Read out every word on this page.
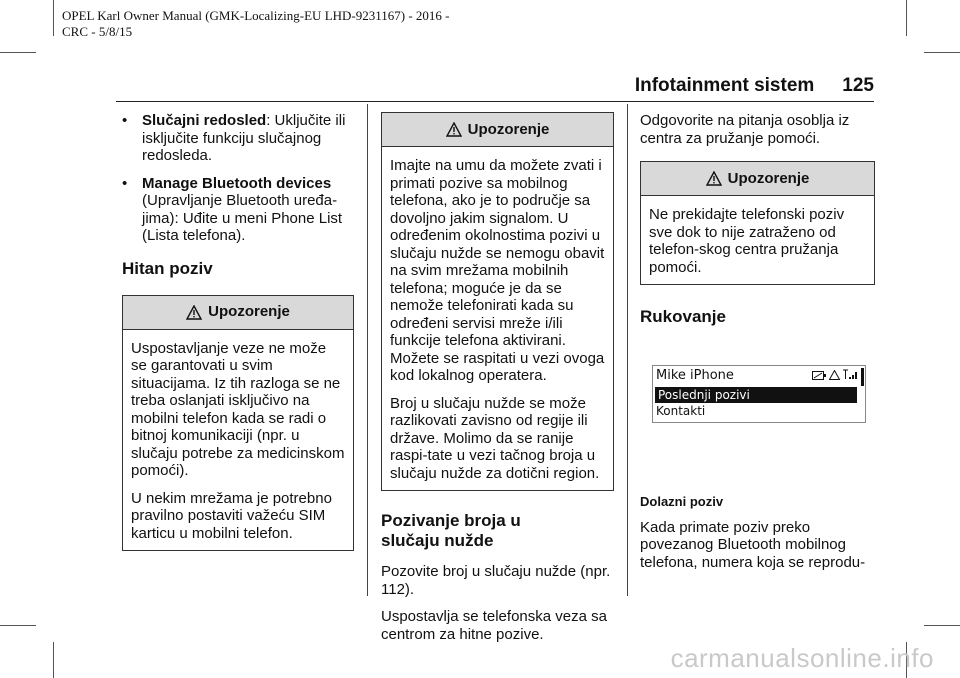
OPEL Karl Owner Manual (GMK-Localizing-EU LHD-9231167) - 2016 -
CRC - 5/8/15
Infotainment sistem 125
• Slučajni redosled: Uključite ili isključite funkciju slučajnog redosleda.
• Manage Bluetooth devices
(Upravljanje Bluetooth uređa-jima): Uđite u meni Phone List (Lista telefona).
Hitan poziv
Upozorenje

Uspostavljanje veze ne može se garantovati u svim situacijama. Iz tih razloga se ne treba oslanjati isključivo na mobilni telefon kada se radi o bitnoj komunikaciji (npr. u slučaju potrebe za medicinskom pomoći).

U nekim mrežama je potrebno pravilno postaviti važeću SIM karticu u mobilni telefon.

Upozorenje

Imajte na umu da možete zvati i primati pozive sa mobilnog telefona, ako je to područje sa dovoljno jakim signalom. U određenim okolnostima pozivi u slučaju nužde se nemogu obavit na svim mrežama mobilnih telefona; moguće je da se nemože telefonirati kada su određeni servisi mreže i/ili funkcije telefona aktivirani. Možete se raspitati u vezi ovoga kod lokalnog operatera.

Broj u slučaju nužde se može razlikovati zavisno od regije ili države. Molimo da se ranije raspi-tate u vezi tačnog broja u slučaju nužde za dotični region.

Pozivanje broja u slučaju nužde

Pozovite broj u slučaju nužde (npr. 112).

Uspostavlja se telefonska veza sa centrom za hitne pozive.

Odgovorite na pitanja osoblja iz centra za pružanje pomoći.

Upozorenje

Ne prekidajte telefonski poziv sve dok to nije zatraženo od telefon-skog centra pružanja pomoći.

Rukovanje
Mike iPhone
Poslednji pozivi
Kontakti
Dolazni poziv

Kada primate poziv preko povezanog Bluetooth mobilnog telefona, numera koja se reprodu-

carmanualsonline.info
